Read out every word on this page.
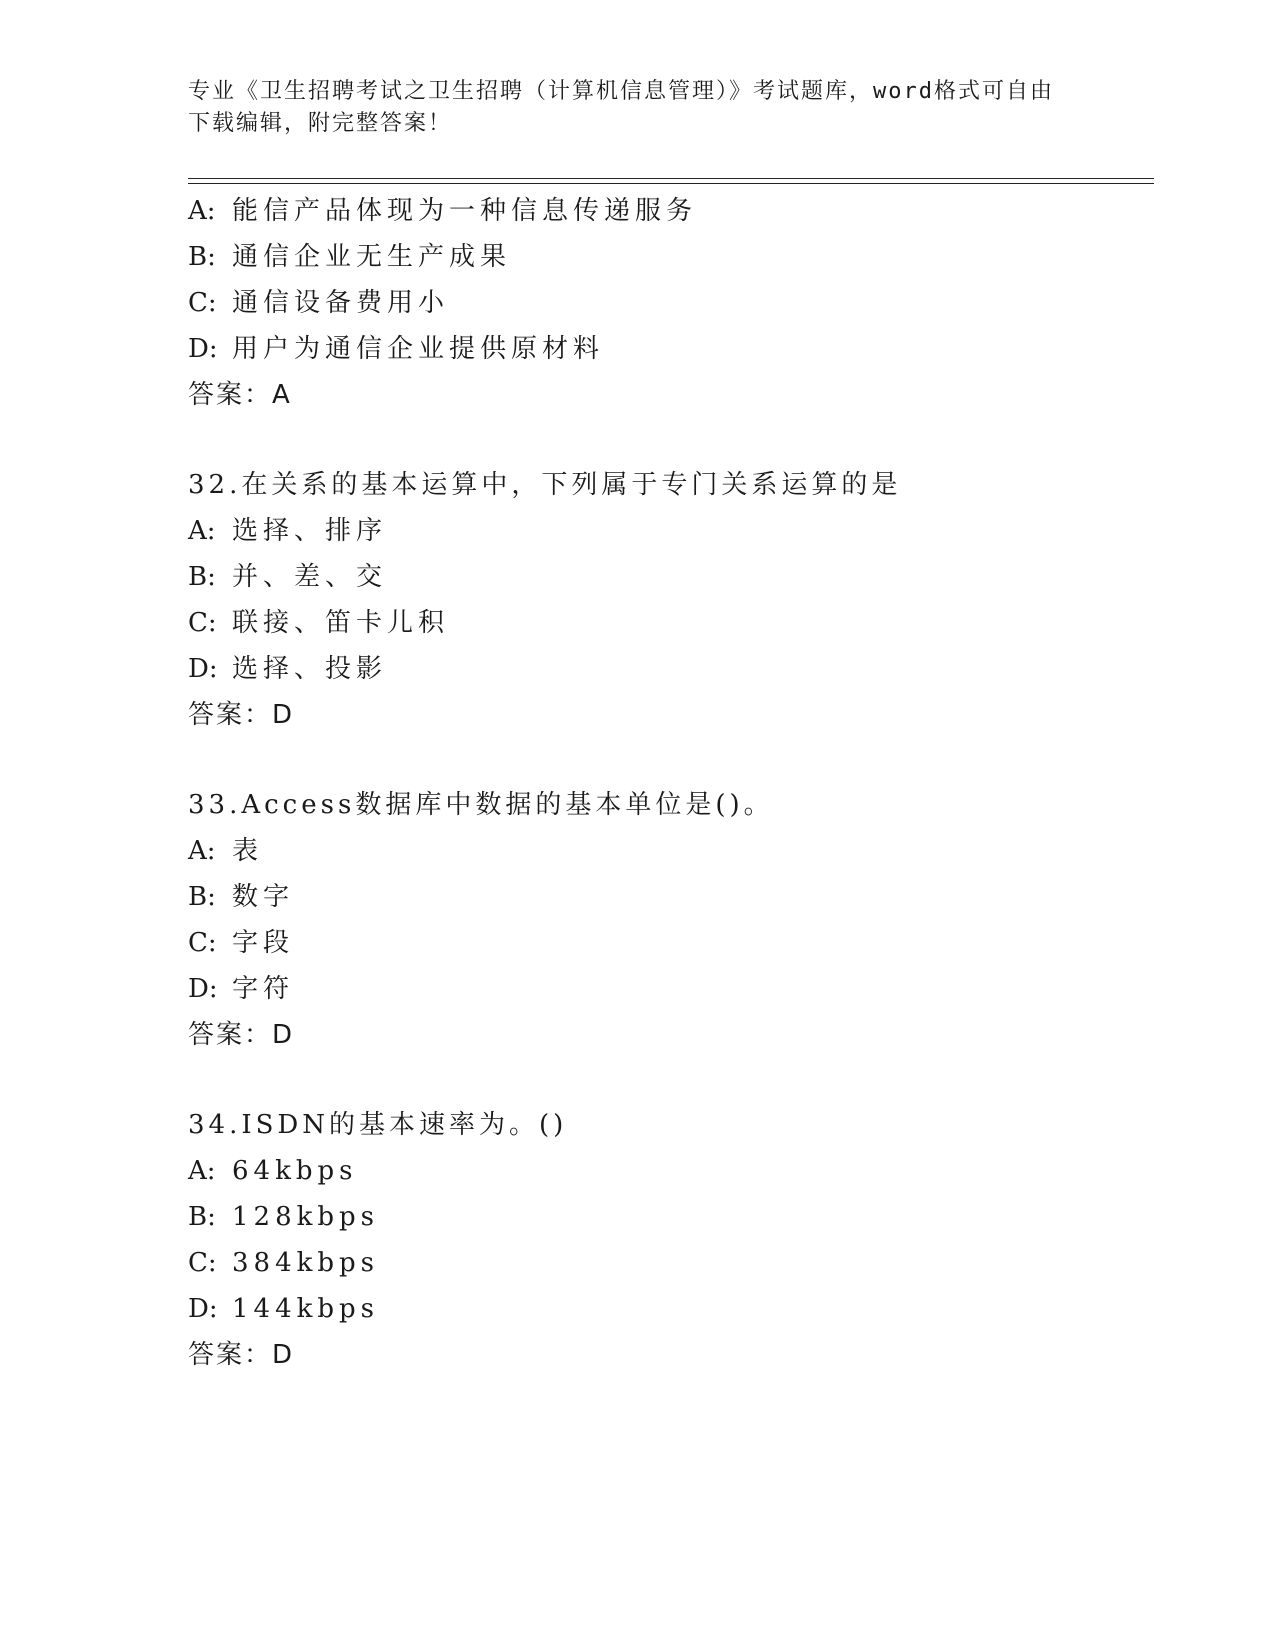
专业《卫生招聘考试之卫生招聘（计算机信息管理）》考试题库，word格式可自由下载编辑，附完整答案！
A: 能信产品体现为一种信息传递服务
B: 通信企业无生产成果
C: 通信设备费用小
D: 用户为通信企业提供原材料
答案：A
32.在关系的基本运算中，下列属于专门关系运算的是
A: 选择、排序
B: 并、差、交
C: 联接、笛卡儿积
D: 选择、投影
答案：D
33.Access数据库中数据的基本单位是()。
A: 表
B: 数字
C: 字段
D: 字符
答案：D
34.ISDN的基本速率为。()
A: 64kbps
B: 128kbps
C: 384kbps
D: 144kbps
答案：D
